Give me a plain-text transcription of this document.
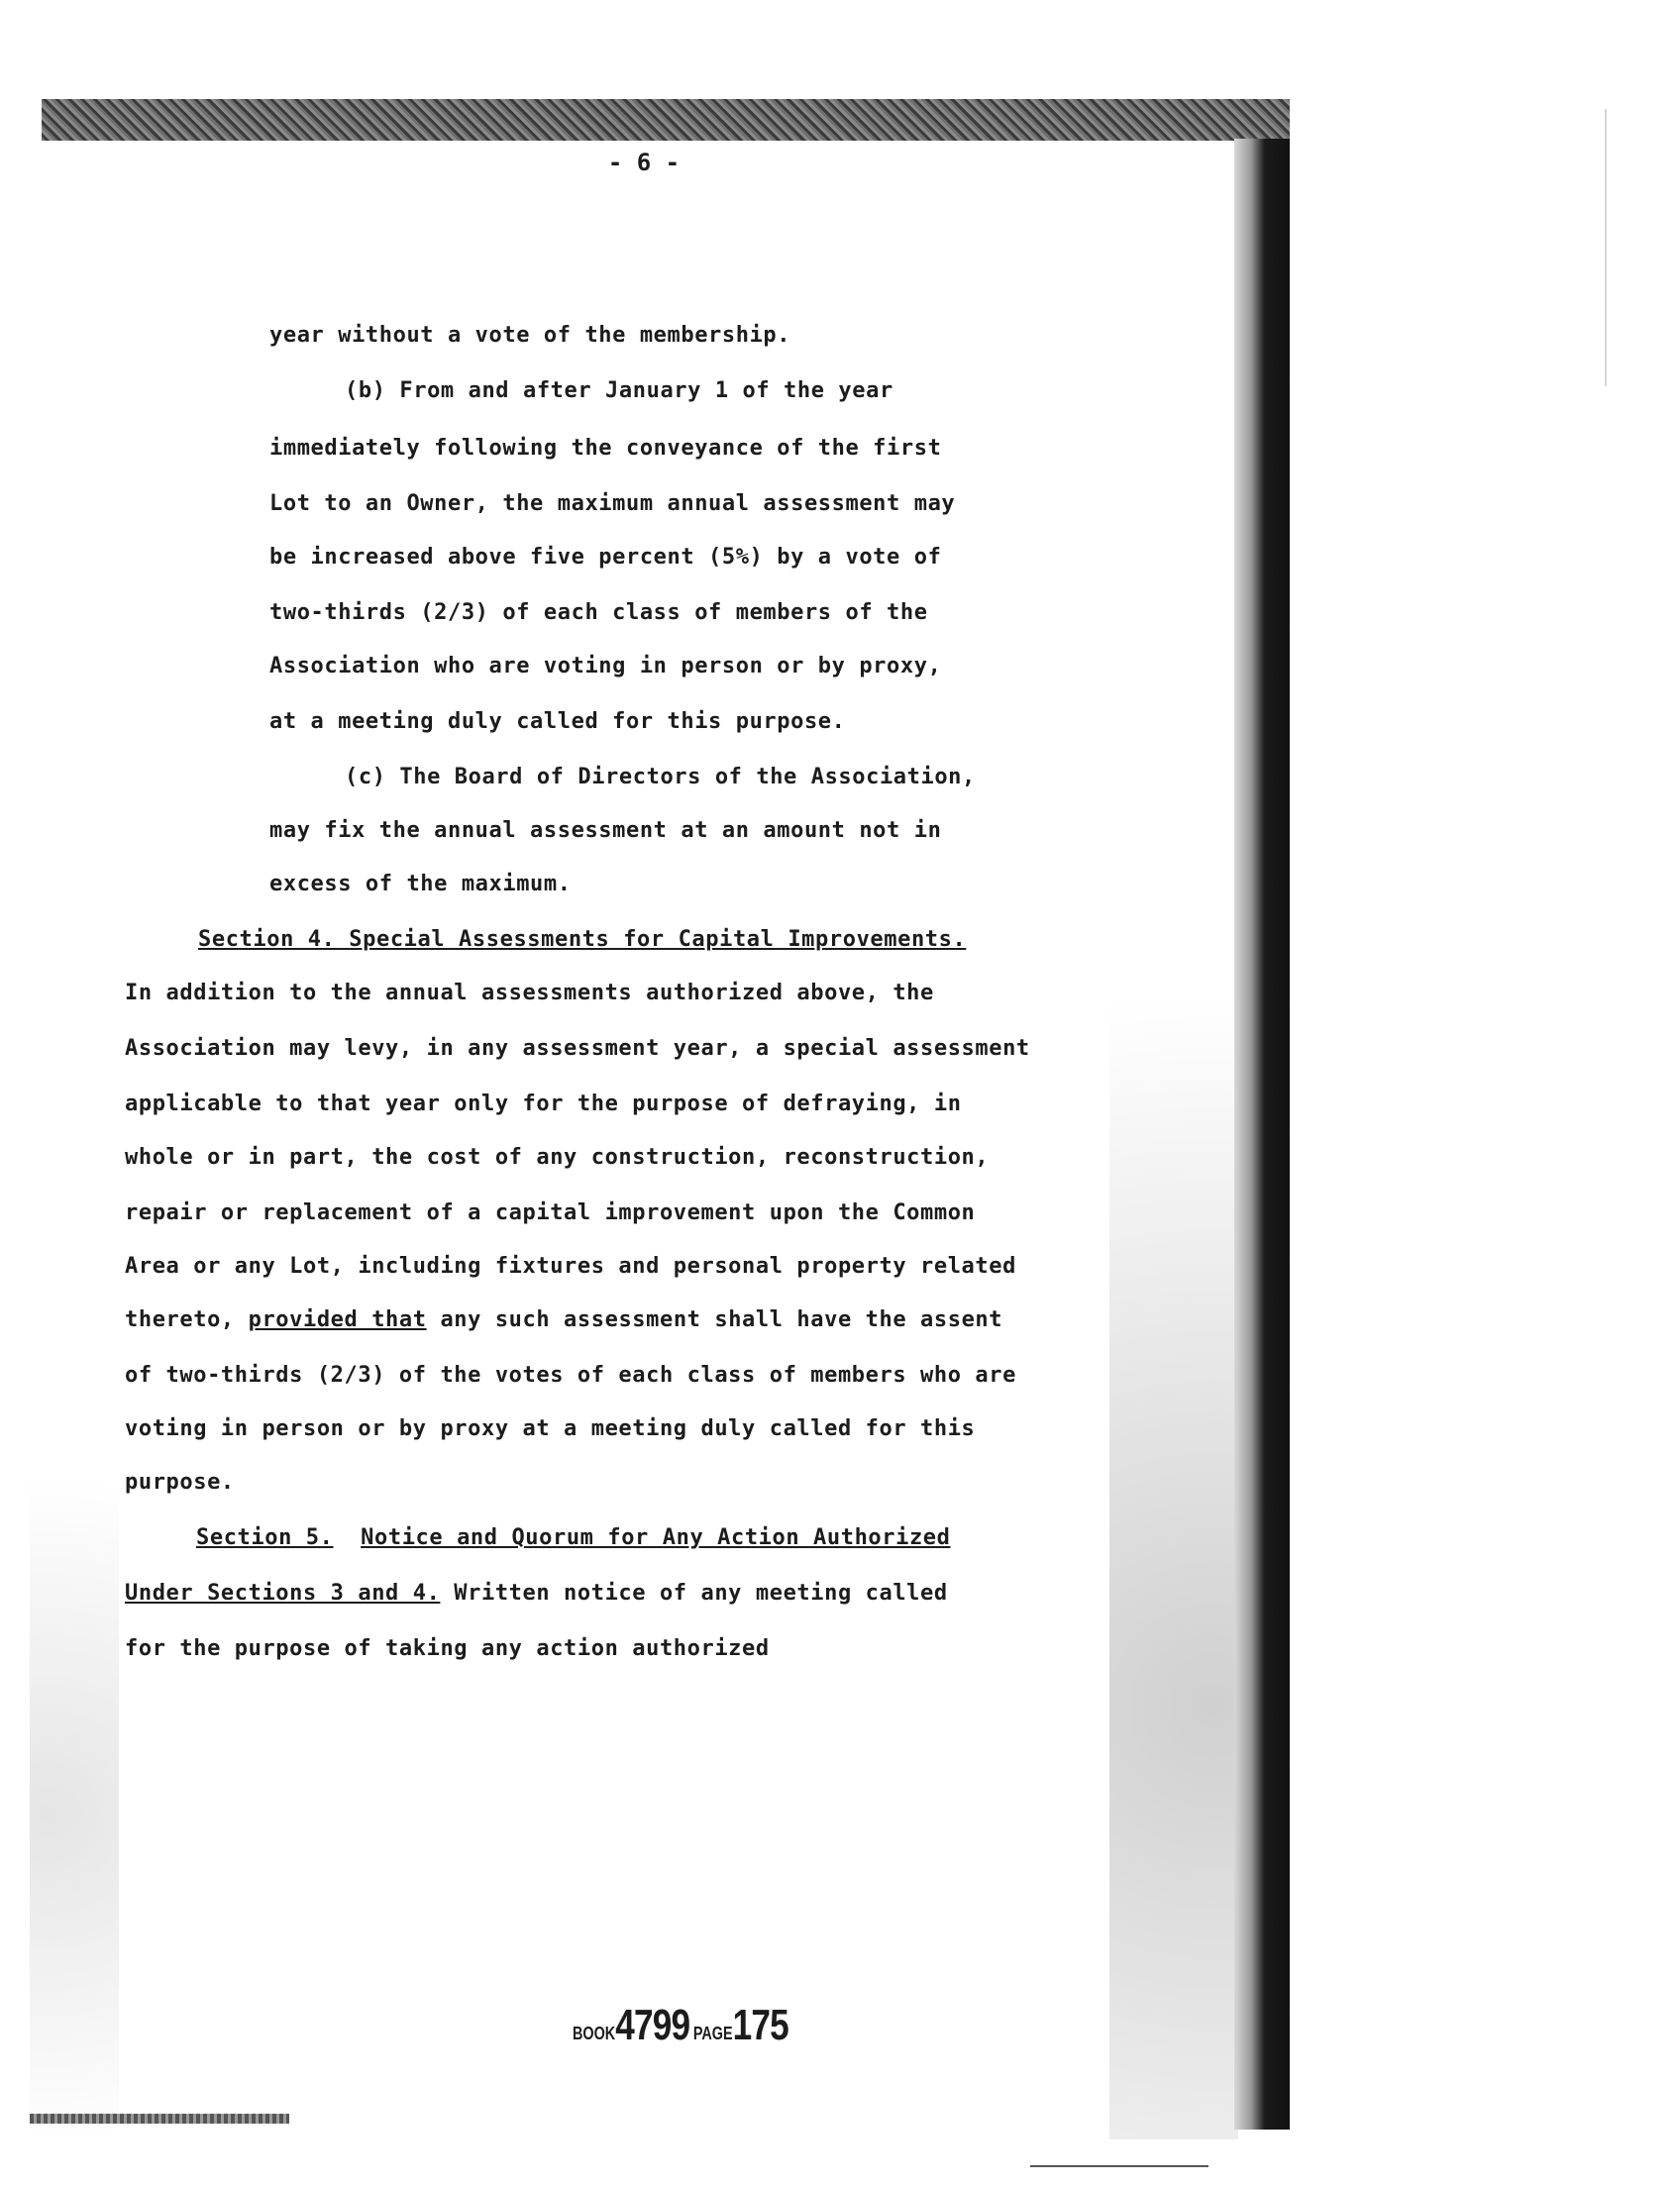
- 6 -
year without a vote of the membership.
(b) From and after January 1 of the year
immediately following the conveyance of the first
Lot to an Owner, the maximum annual assessment may
be increased above five percent (5%) by a vote of
two-thirds (2/3) of each class of members of the
Association who are voting in person or by proxy,
at a meeting duly called for this purpose.
(c) The Board of Directors of the Association,
may fix the annual assessment at an amount not in
excess of the maximum.
Section 4. Special Assessments for Capital Improvements.
In addition to the annual assessments authorized above, the
Association may levy, in any assessment year, a special assessment
applicable to that year only for the purpose of defraying, in
whole or in part, the cost of any construction, reconstruction,
repair or replacement of a capital improvement upon the Common
Area or any Lot, including fixtures and personal property related
thereto, provided that any such assessment shall have the assent
of two-thirds (2/3) of the votes of each class of members who are
voting in person or by proxy at a meeting duly called for this
purpose.
Section 5. Notice and Quorum for Any Action Authorized
Under Sections 3 and 4. Written notice of any meeting called
for the purpose of taking any action authorized
BOOK4799 PAGE175
